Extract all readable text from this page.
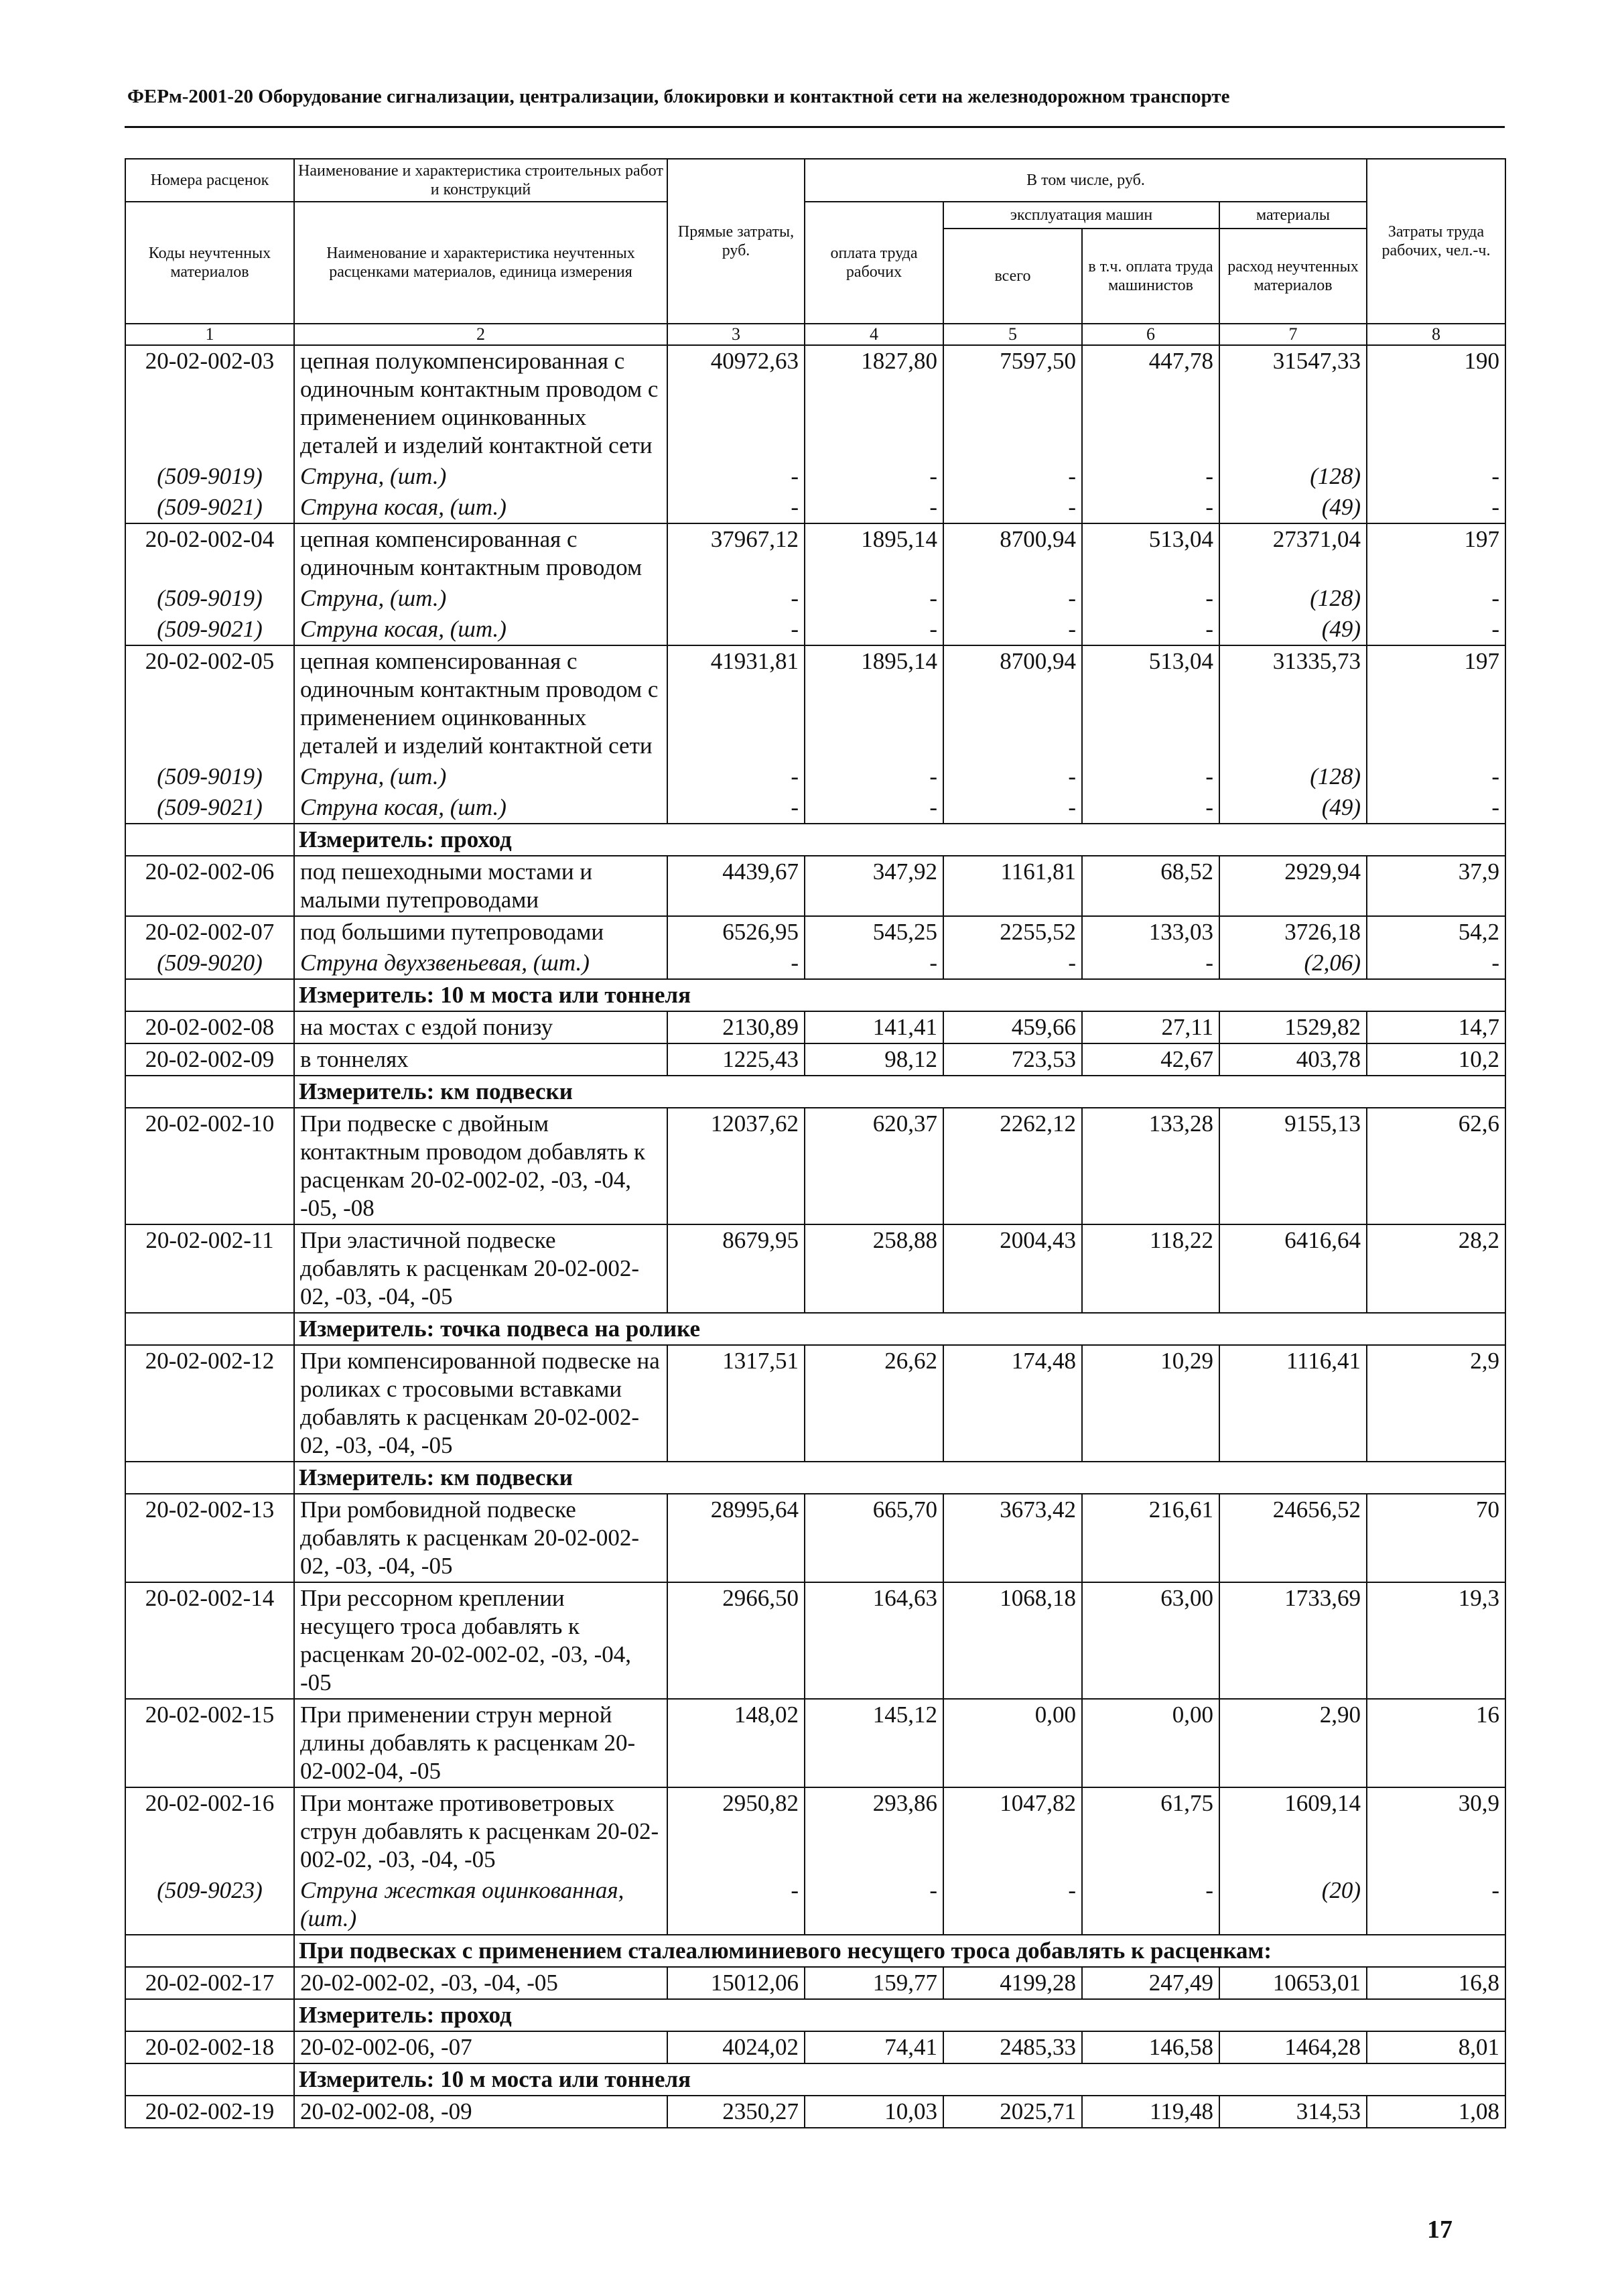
ФЕРм-2001-20 Оборудование сигнализации, централизации, блокировки и контактной сети на железнодорожном транспорте
Номера расценок	Наименование и характеристика строительных работ и конструкций	Прямые затраты, руб.	В том числе, руб.				Затраты труда рабочих, чел.-ч.
Коды неучтенных материалов	Наименование и характеристика неучтенных расценками материалов, единица измерения		оплата труда рабочих	эксплуатация машин		материалы	
				всего	в т.ч. оплата труда машинистов	расход неучтенных материалов	
1	2	3	4	5	6	7	8
20-02-002-03	цепная полукомпенсированная с одиночным контактным проводом с применением оцинкованных деталей и изделий контактной сети	40972,63	1827,80	7597,50	447,78	31547,33	190
(509-9019)	Струна, (шт.)	-	-	-	-	(128)	-
(509-9021)	Струна косая, (шт.)	-	-	-	-	(49)	-
20-02-002-04	цепная компенсированная с одиночным контактным проводом	37967,12	1895,14	8700,94	513,04	27371,04	197
(509-9019)	Струна, (шт.)	-	-	-	-	(128)	-
(509-9021)	Струна косая, (шт.)	-	-	-	-	(49)	-
20-02-002-05	цепная компенсированная с одиночным контактным проводом с применением оцинкованных деталей и изделий контактной сети	41931,81	1895,14	8700,94	513,04	31335,73	197
(509-9019)	Струна, (шт.)	-	-	-	-	(128)	-
(509-9021)	Струна косая, (шт.)	-	-	-	-	(49)	-
	Измеритель: проход						
20-02-002-06	под пешеходными мостами и малыми путепроводами	4439,67	347,92	1161,81	68,52	2929,94	37,9
20-02-002-07	под большими путепроводами	6526,95	545,25	2255,52	133,03	3726,18	54,2
(509-9020)	Струна двухзвеньевая, (шт.)	-	-	-	-	(2,06)	-
	Измеритель: 10 м моста или тоннеля						
20-02-002-08	на мостах с ездой понизу	2130,89	141,41	459,66	27,11	1529,82	14,7
20-02-002-09	в тоннелях	1225,43	98,12	723,53	42,67	403,78	10,2
	Измеритель: км подвески						
20-02-002-10	При подвеске с двойным контактным проводом добавлять к расценкам 20-02-002-02, -03, -04, -05, -08	12037,62	620,37	2262,12	133,28	9155,13	62,6
20-02-002-11	При эластичной подвеске добавлять к расценкам 20-02-002-02, -03, -04, -05	8679,95	258,88	2004,43	118,22	6416,64	28,2
	Измеритель: точка подвеса на ролике						
20-02-002-12	При компенсированной подвеске на роликах с тросовыми вставками добавлять к расценкам 20-02-002-02, -03, -04, -05	1317,51	26,62	174,48	10,29	1116,41	2,9
	Измеритель: км подвески						
20-02-002-13	При ромбовидной подвеске добавлять к расценкам 20-02-002-02, -03, -04, -05	28995,64	665,70	3673,42	216,61	24656,52	70
20-02-002-14	При рессорном креплении несущего троса добавлять к расценкам 20-02-002-02, -03, -04, -05	2966,50	164,63	1068,18	63,00	1733,69	19,3
20-02-002-15	При применении струн мерной длины добавлять к расценкам 20-02-002-04, -05	148,02	145,12	0,00	0,00	2,90	16
20-02-002-16	При монтаже противоветровых струн добавлять к расценкам 20-02-002-02, -03, -04, -05	2950,82	293,86	1047,82	61,75	1609,14	30,9
(509-9023)	Струна жесткая оцинкованная, (шт.)	-	-	-	-	(20)	-
	При подвесках с применением сталеалюминиевого несущего троса добавлять к расценкам:						
20-02-002-17	20-02-002-02, -03, -04, -05	15012,06	159,77	4199,28	247,49	10653,01	16,8
	Измеритель: проход						
20-02-002-18	20-02-002-06, -07	4024,02	74,41	2485,33	146,58	1464,28	8,01
	Измеритель: 10 м моста или тоннеля						
20-02-002-19	20-02-002-08, -09	2350,27	10,03	2025,71	119,48	314,53	1,08
17
